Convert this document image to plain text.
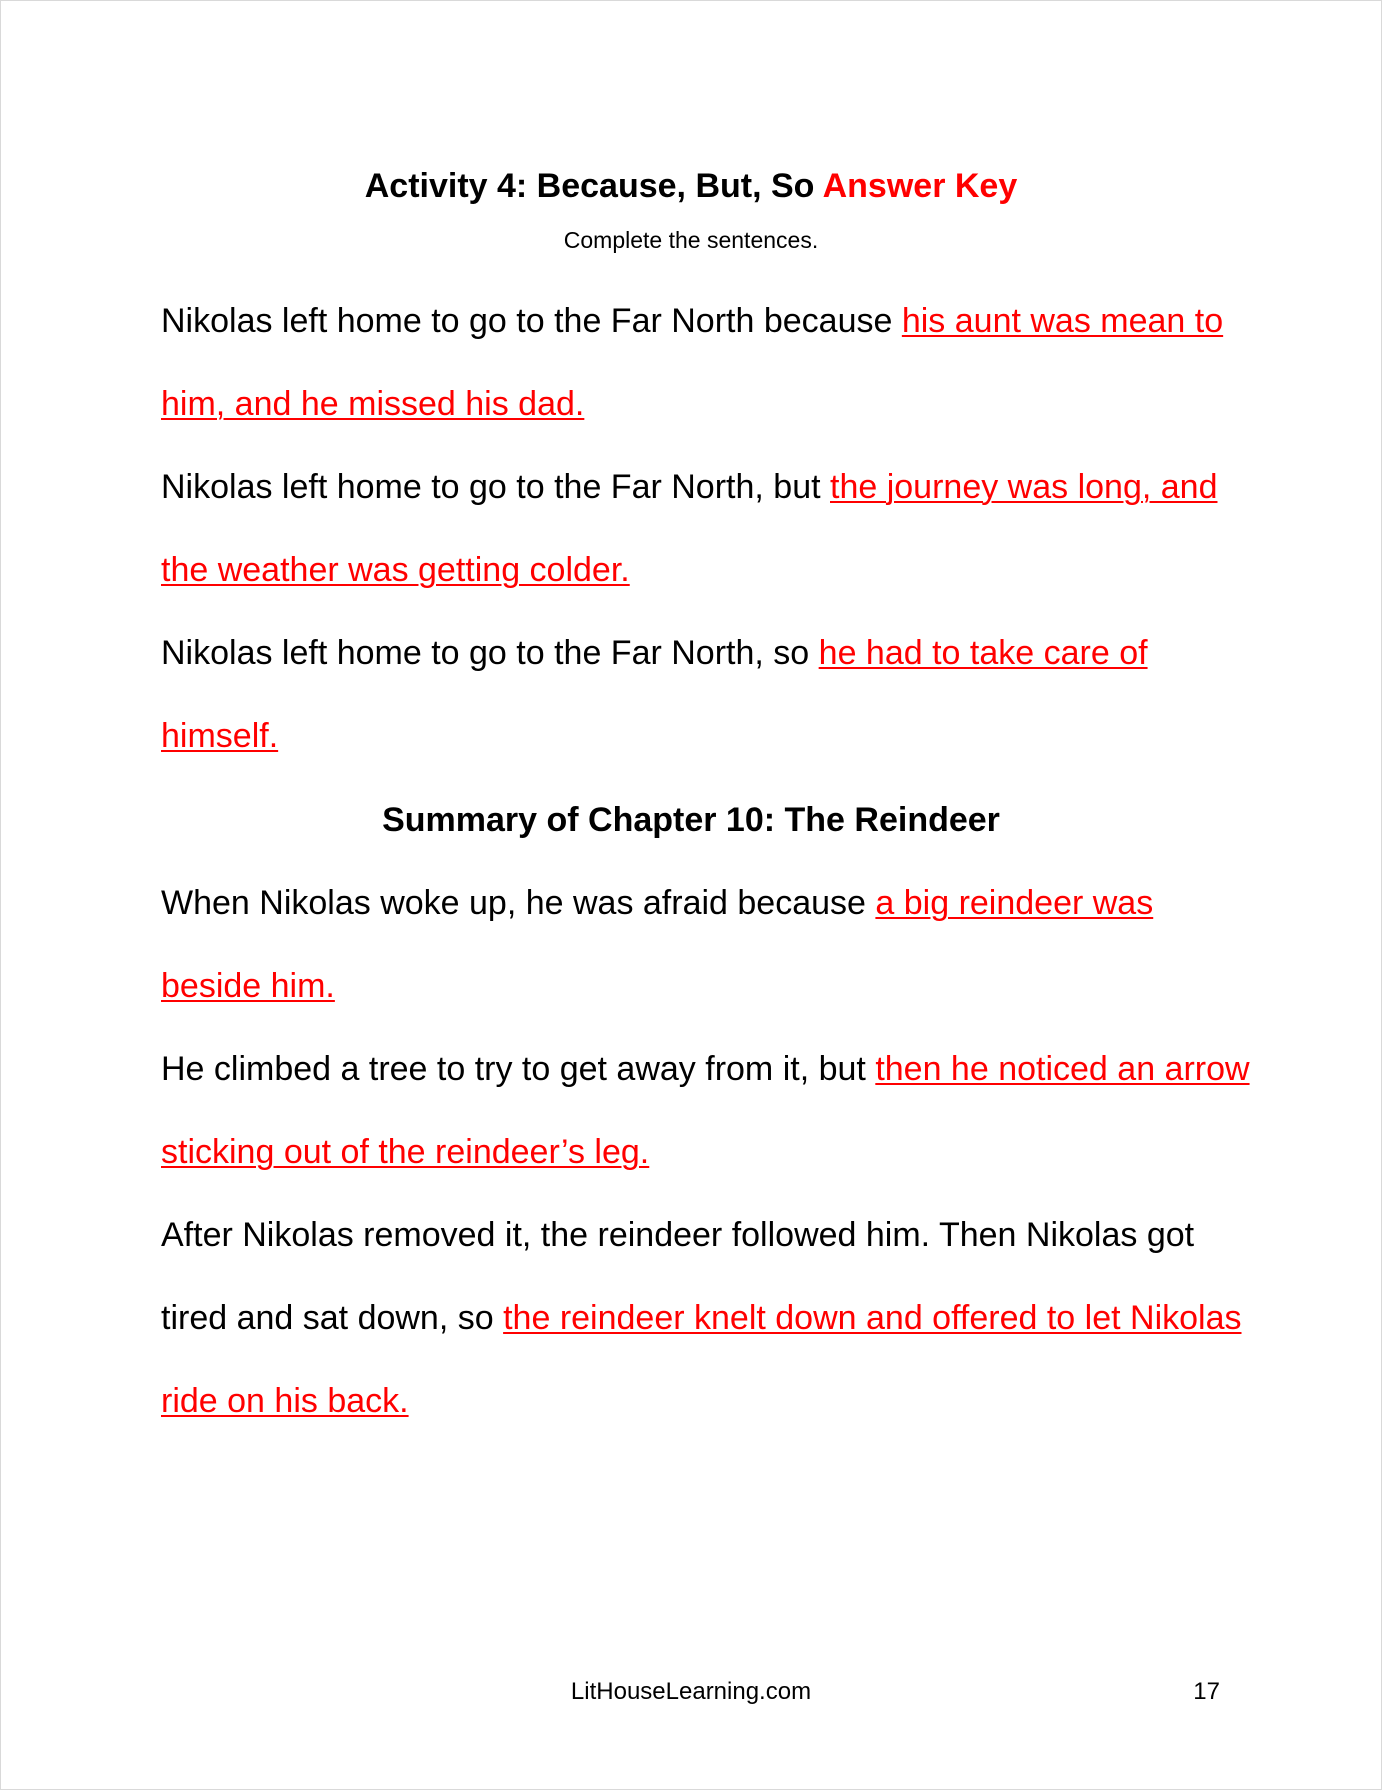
Activity 4: Because, But, So Answer Key
Complete the sentences.

Nikolas left home to go to the Far North because his aunt was mean to him, and he missed his dad.

Nikolas left home to go to the Far North, but the journey was long, and the weather was getting colder.

Nikolas left home to go to the Far North, so he had to take care of himself.

Summary of Chapter 10: The Reindeer

When Nikolas woke up, he was afraid because a big reindeer was beside him.

He climbed a tree to try to get away from it, but then he noticed an arrow sticking out of the reindeer’s leg.

After Nikolas removed it, the reindeer followed him. Then Nikolas got tired and sat down, so the reindeer knelt down and offered to let Nikolas ride on his back.

LitHouseLearning.com	17
